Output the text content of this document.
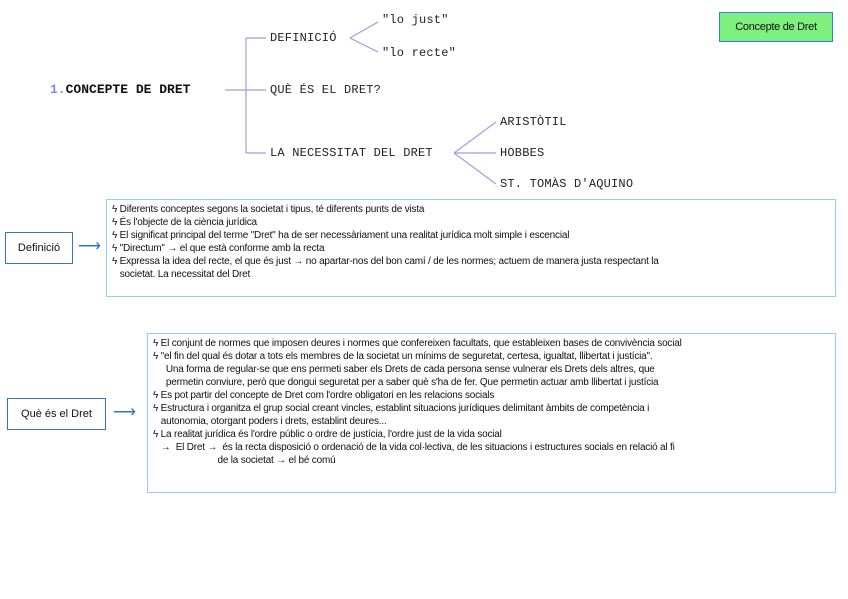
Concepte de Dret
1.CONCEPTE DE DRET
DEFINICIÓ
"lo just"
"lo recte"
QUÈ ÉS EL DRET?
LA NECESSITAT DEL DRET
ARISTÒTIL
HOBBES
ST. TOMÀS D'AQUINO
Definició	⟶
ϟ Diferents conceptes segons la societat i tipus, té diferents punts de vista
ϟ És l'objecte de la ciència jurídica
ϟ El significat principal del terme "Dret" ha de ser necessàriament una realitat jurídica molt simple i escencial
ϟ "Directum" → el que està conforme amb la recta
ϟ Expressa la idea del recte, el que és just → no apartar-nos del bon camí / de les normes; actuem de manera justa respectant la
societat. La necessitat del Dret
Què és el Dret	⟶
ϟ El conjunt de normes que imposen deures i normes que confereixen facultats, que estableixen bases de convivència social
ϟ "el fin del qual és dotar a tots els membres de la societat un mínims de seguretat, certesa, igualtat, llibertat i justícia".
Una forma de regular-se que ens permeti saber els Drets de cada persona sense vulnerar els Drets dels altres, que
permetin conviure, però que dongui seguretat per a saber què s'ha de fer. Que permetin actuar amb llibertat i justícia
ϟ Es pot partir del concepte de Dret com l'ordre obligatori en les relacions socials
ϟ Estructura i organitza el grup social creant vincles, establint situacions jurídiques delimitant àmbits de competència i
autonomia, otorgant poders i drets, establint deures...
ϟ La realitat jurídica és l'ordre públic o ordre de justícia, l'ordre just de la vida social
→  El Dret →  és la recta disposició o ordenació de la vida col·lectiva, de les situacions i estructures socials en relació al fi
de la societat → el bé comú
